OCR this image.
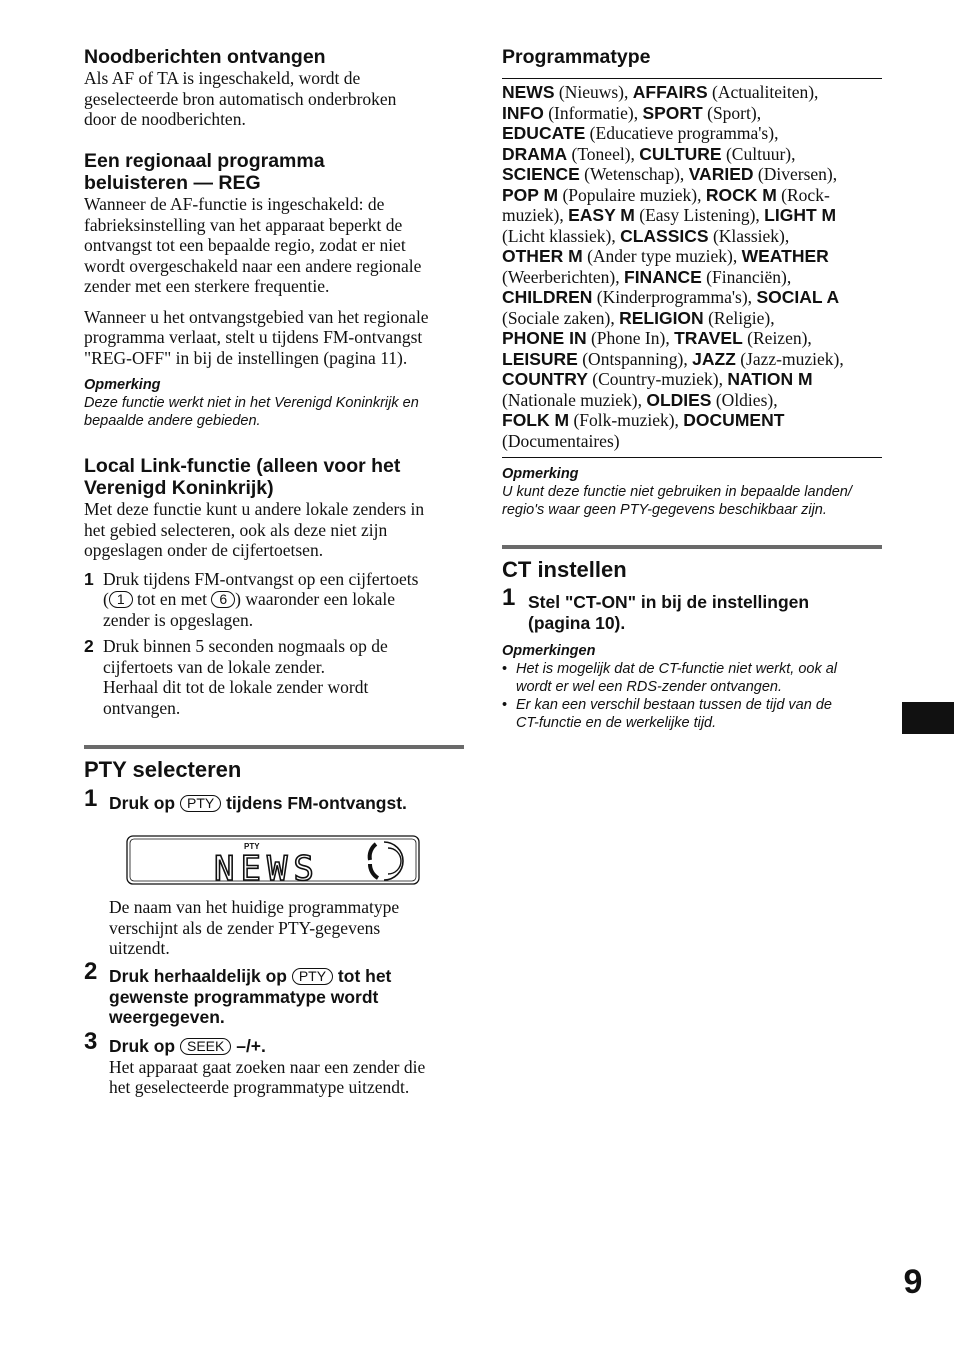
Noodberichten ontvangen

Als AF of TA is ingeschakeld, wordt de
geselecteerde bron automatisch onderbroken
door de noodberichten.

Een regionaal programma
beluisteren — REG

Wanneer de AF-functie is ingeschakeld: de
fabrieksinstelling van het apparaat beperkt de
ontvangst tot een bepaalde regio, zodat er niet
wordt overgeschakeld naar een andere regionale
zender met een sterkere frequentie.
Wanneer u het ontvangstgebied van het regionale
programma verlaat, stelt u tijdens FM-ontvangst
"REG-OFF" in bij de instellingen (pagina 11).

Opmerking

Deze functie werkt niet in het Verenigd Koninkrijk en

bepaalde andere gebieden.

Local Link-functie (alleen voor het
Verenigd Koninkrijk)

Met deze functie kunt u andere lokale zenders in
het gebied selecteren, ook als deze niet zijn
opgeslagen onder de cijfertoetsen.
1 Druk tijdens FM-ontvangst op een cijfertoets
( 1 tot en met 6 ) waaronder een lokale
zender is opgeslagen.
2 Druk binnen 5 seconden nogmaals op de
cijfertoets van de lokale zender.
Herhaal dit tot de lokale zender wordt
ontvangen.

PTY selecteren

1 Druk op PTY tijdens FM-ontvangst.
De naam van het huidige programmatype
verschijnt als de zender PTY-gegevens
uitzendt.
2 Druk herhaaldelijk op PTY tot het
gewenste programmatype wordt
weergegeven.
3 Druk op SEEK –/+.
Het apparaat gaat zoeken naar een zender die
het geselecteerde programmatype uitzendt.
PTY
NEWS

Programmatype

NEWS (Nieuws), AFFAIRS (Actualiteiten),
INFO (Informatie), SPORT (Sport),
EDUCATE (Educatieve programma's),
DRAMA (Toneel), CULTURE (Cultuur),
SCIENCE (Wetenschap), VARIED (Diversen),
POP M (Populaire muziek), ROCK M (Rock-
muziek), EASY M (Easy Listening), LIGHT M
(Licht klassiek), CLASSICS (Klassiek),
OTHER M (Ander type muziek), WEATHER
(Weerberichten), FINANCE (Financiën),
CHILDREN (Kinderprogramma's), SOCIAL A
(Sociale zaken), RELIGION (Religie),
PHONE IN (Phone In), TRAVEL (Reizen),
LEISURE (Ontspanning), JAZZ (Jazz-muziek),
COUNTRY (Country-muziek), NATION M
(Nationale muziek), OLDIES (Oldies),
FOLK M (Folk-muziek), DOCUMENT
(Documentaires)

Opmerking

U kunt deze functie niet gebruiken in bepaalde landen/

regio's waar geen PTY-gegevens beschikbaar zijn.

CT instellen

1 Stel "CT-ON" in bij de instellingen
(pagina 10).

Opmerkingen

• Het is mogelijk dat de CT-functie niet werkt, ook al
wordt er wel een RDS-zender ontvangen.
• Er kan een verschil bestaan tussen de tijd van de
CT-functie en de werkelijke tijd.
9
